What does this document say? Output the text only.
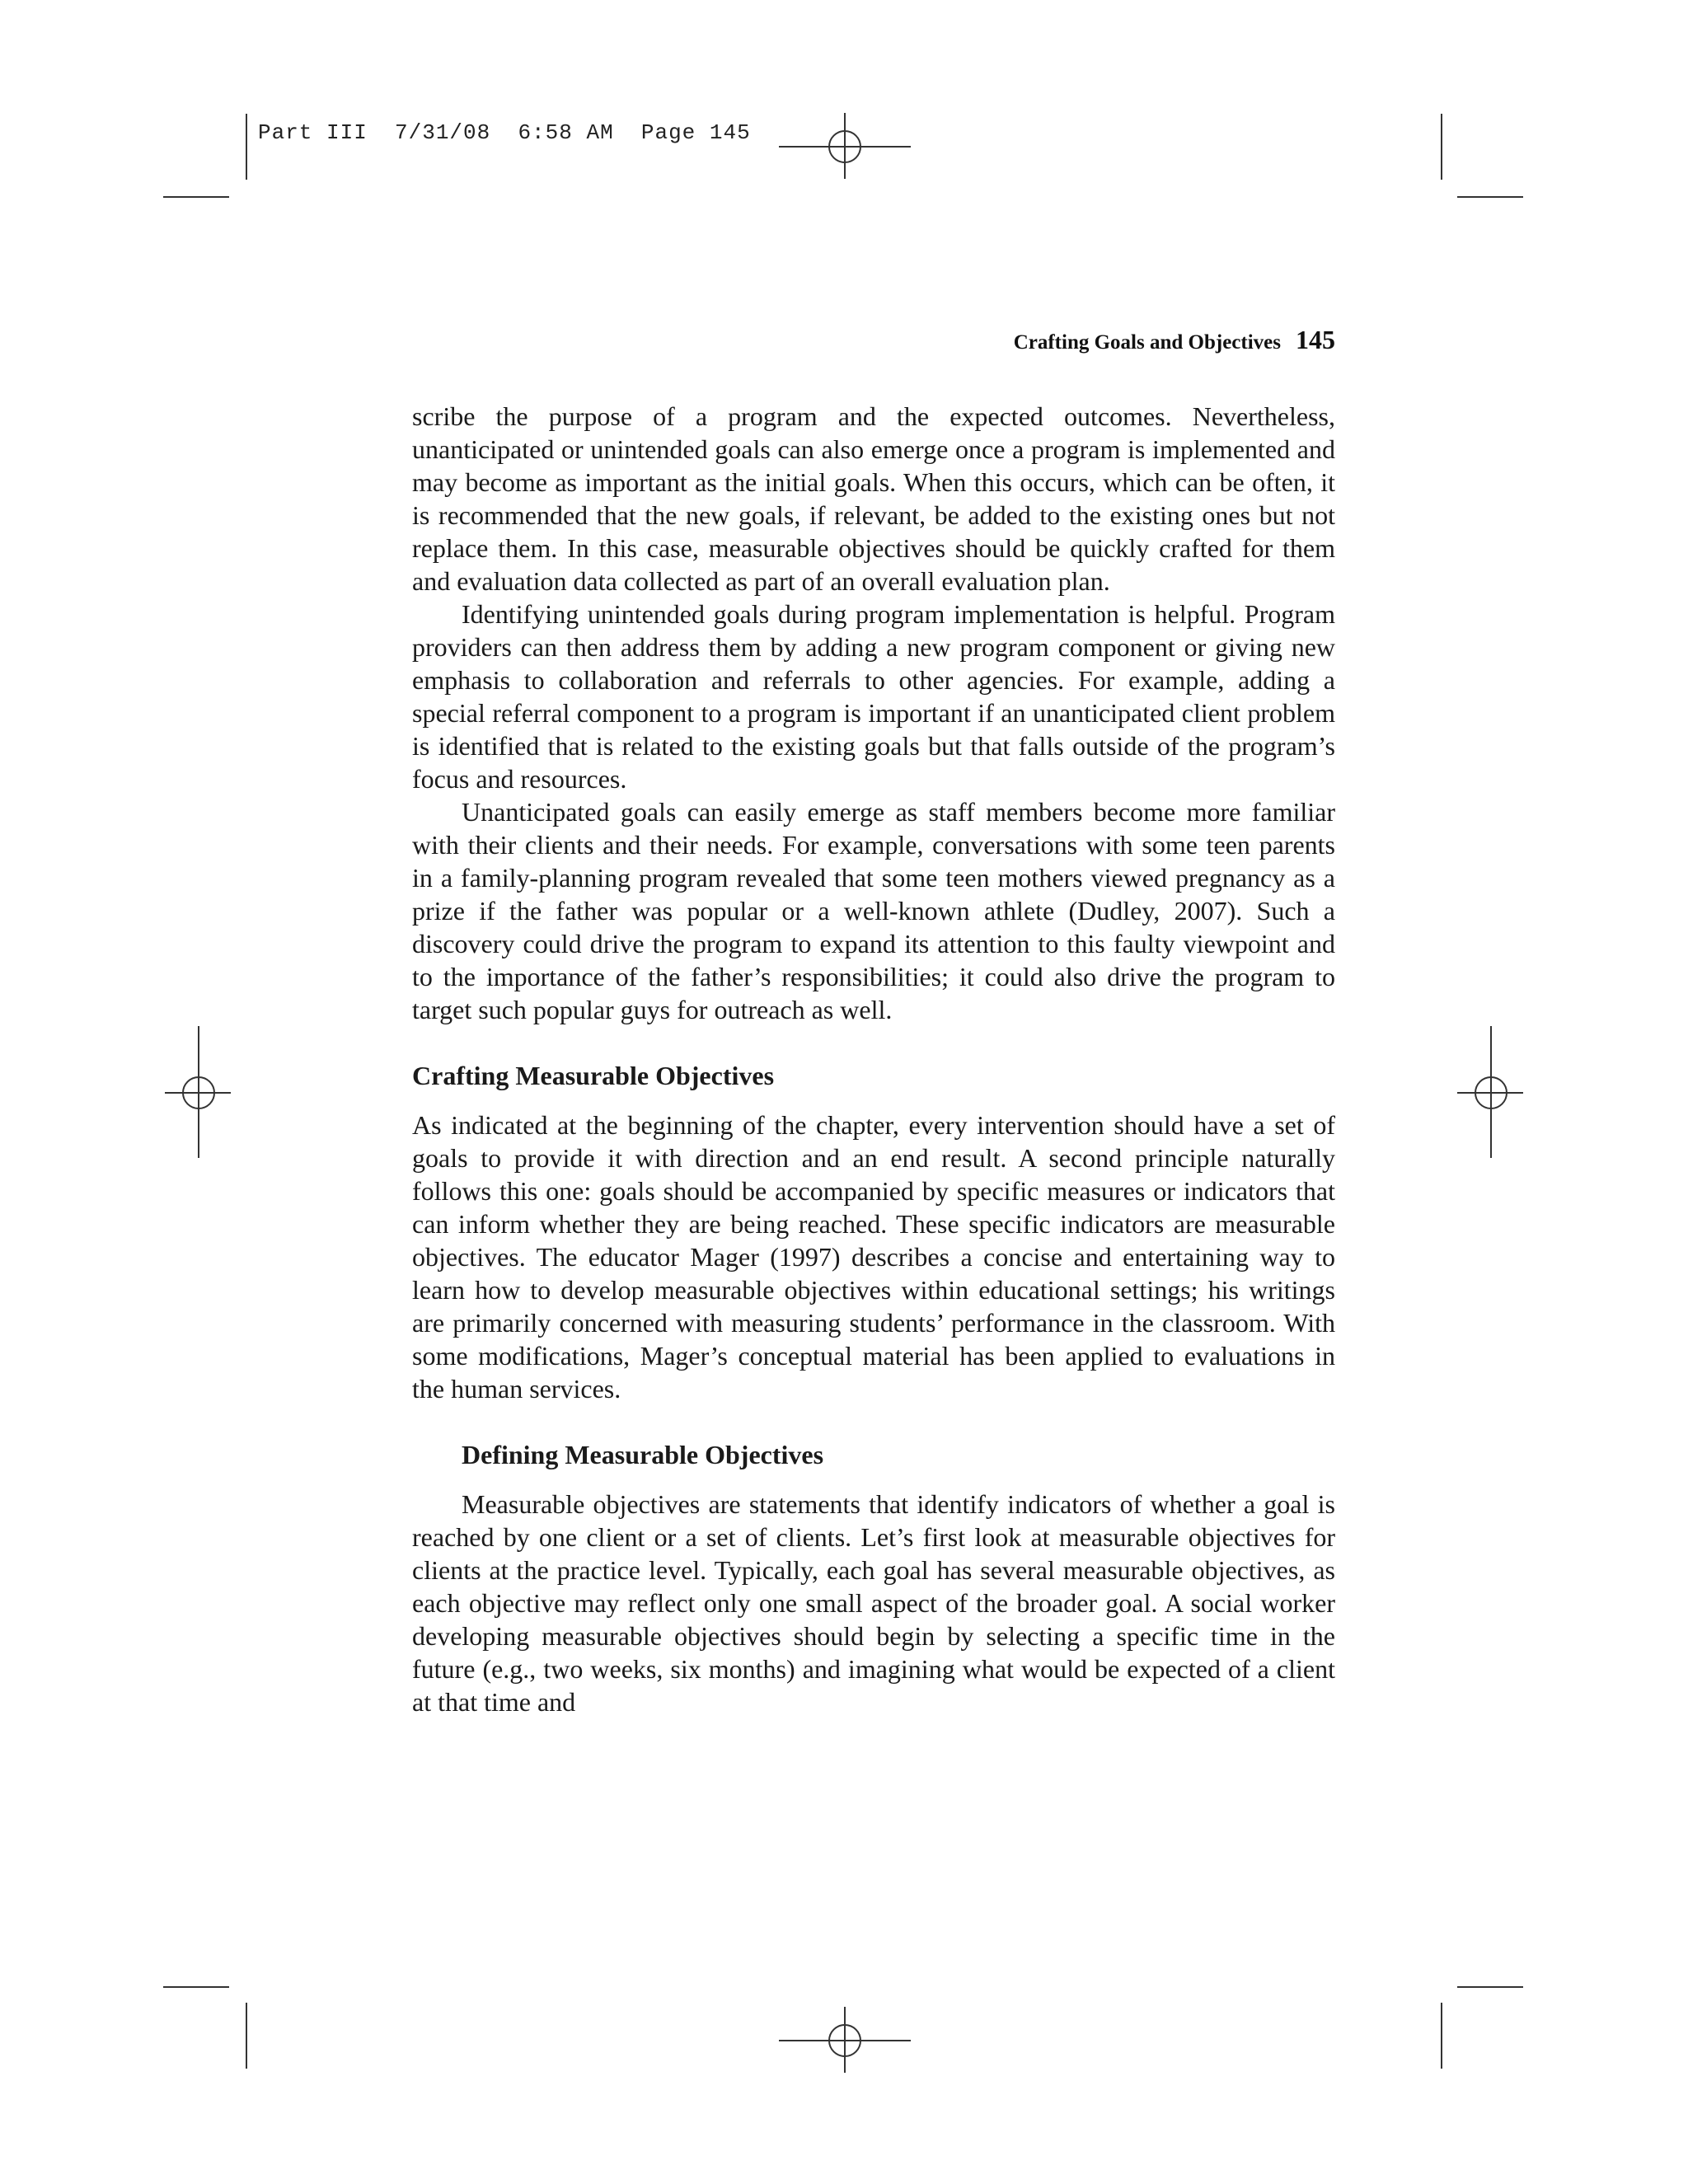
Part III  7/31/08  6:58 AM  Page 145
Crafting Goals and Objectives 145

scribe the purpose of a program and the expected outcomes. Nevertheless, unanticipated or unintended goals can also emerge once a program is implemented and may become as important as the initial goals. When this occurs, which can be often, it is recommended that the new goals, if relevant, be added to the existing ones but not replace them. In this case, measurable objectives should be quickly crafted for them and evaluation data collected as part of an overall evaluation plan.

Identifying unintended goals during program implementation is helpful. Program providers can then address them by adding a new program component or giving new emphasis to collaboration and referrals to other agencies. For example, adding a special referral component to a program is important if an unanticipated client problem is identified that is related to the existing goals but that falls outside of the program’s focus and resources.

Unanticipated goals can easily emerge as staff members become more familiar with their clients and their needs. For example, conversations with some teen parents in a family-planning program revealed that some teen mothers viewed pregnancy as a prize if the father was popular or a well-known athlete (Dudley, 2007). Such a discovery could drive the program to expand its attention to this faulty viewpoint and to the importance of the father’s responsibilities; it could also drive the program to target such popular guys for outreach as well.

Crafting Measurable Objectives

As indicated at the beginning of the chapter, every intervention should have a set of goals to provide it with direction and an end result. A second principle naturally follows this one: goals should be accompanied by specific measures or indicators that can inform whether they are being reached. These specific indicators are measurable objectives. The educator Mager (1997) describes a concise and entertaining way to learn how to develop measurable objectives within educational settings; his writings are primarily concerned with measuring students’ performance in the classroom. With some modifications, Mager’s conceptual material has been applied to evaluations in the human services.

Defining Measurable Objectives

Measurable objectives are statements that identify indicators of whether a goal is reached by one client or a set of clients. Let’s first look at measurable objectives for clients at the practice level. Typically, each goal has several measurable objectives, as each objective may reflect only one small aspect of the broader goal. A social worker developing measurable objectives should begin by selecting a specific time in the future (e.g., two weeks, six months) and imagining what would be expected of a client at that time and
